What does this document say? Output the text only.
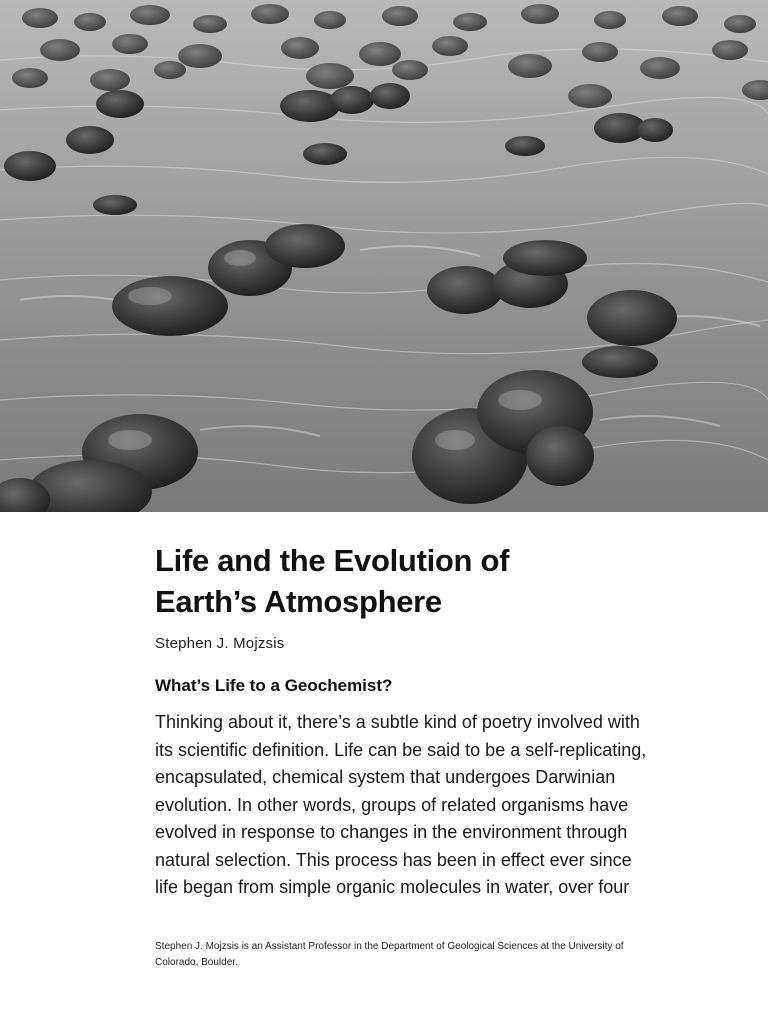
Life and the Evolution of
Earth’s Atmosphere

Stephen J. Mojzsis

What’s Life to a Geochemist?

Thinking about it, there’s a subtle kind of poetry involved with
its scientific definition. Life can be said to be a self-replicating,
encapsulated, chemical system that undergoes Darwinian
evolution. In other words, groups of related organisms have
evolved in response to changes in the environment through
natural selection. This process has been in effect ever since
life began from simple organic molecules in water, over four

Stephen J. Mojzsis is an Assistant Professor in the Department of Geological Sciences at the University of
Colorado, Boulder.
